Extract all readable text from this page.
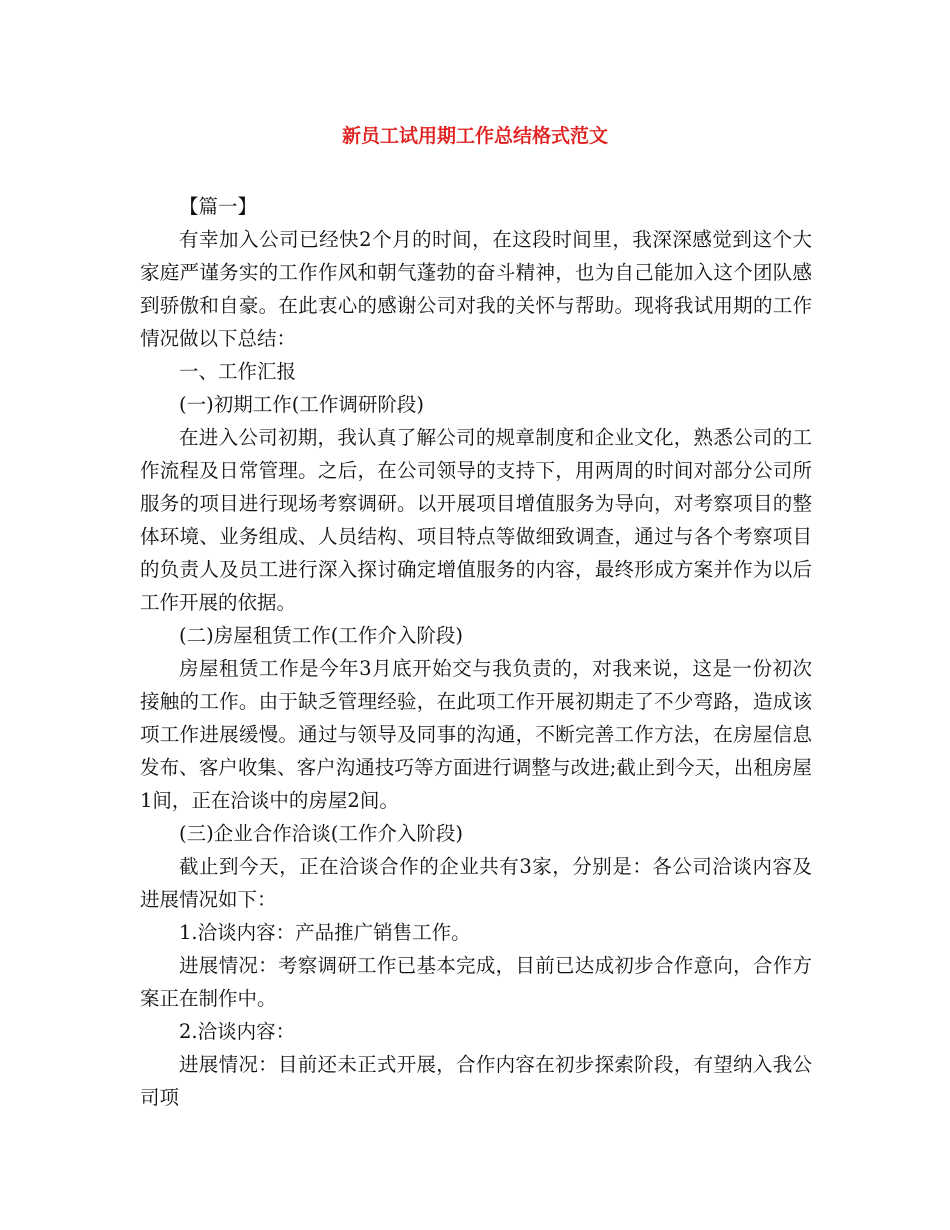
新员工试用期工作总结格式范文

【篇一】

有幸加入公司已经快2个月的时间，在这段时间里，我深深感觉到这个大家庭严谨务实的工作作风和朝气蓬勃的奋斗精神，也为自己能加入这个团队感到骄傲和自豪。在此衷心的感谢公司对我的关怀与帮助。现将我试用期的工作情况做以下总结：

一、工作汇报

(一)初期工作(工作调研阶段)

在进入公司初期，我认真了解公司的规章制度和企业文化，熟悉公司的工作流程及日常管理。之后，在公司领导的支持下，用两周的时间对部分公司所服务的项目进行现场考察调研。以开展项目增值服务为导向，对考察项目的整体环境、业务组成、人员结构、项目特点等做细致调查，通过与各个考察项目的负责人及员工进行深入探讨确定增值服务的内容，最终形成方案并作为以后工作开展的依据。

(二)房屋租赁工作(工作介入阶段)

房屋租赁工作是今年3月底开始交与我负责的，对我来说，这是一份初次接触的工作。由于缺乏管理经验，在此项工作开展初期走了不少弯路，造成该项工作进展缓慢。通过与领导及同事的沟通，不断完善工作方法，在房屋信息发布、客户收集、客户沟通技巧等方面进行调整与改进;截止到今天，出租房屋1间，正在洽谈中的房屋2间。

(三)企业合作洽谈(工作介入阶段)

截止到今天，正在洽谈合作的企业共有3家，分别是：各公司洽谈内容及进展情况如下：

1.洽谈内容：产品推广销售工作。

进展情况：考察调研工作已基本完成，目前已达成初步合作意向，合作方案正在制作中。

2.洽谈内容：

进展情况：目前还未正式开展，合作内容在初步探索阶段，有望纳入我公司项
